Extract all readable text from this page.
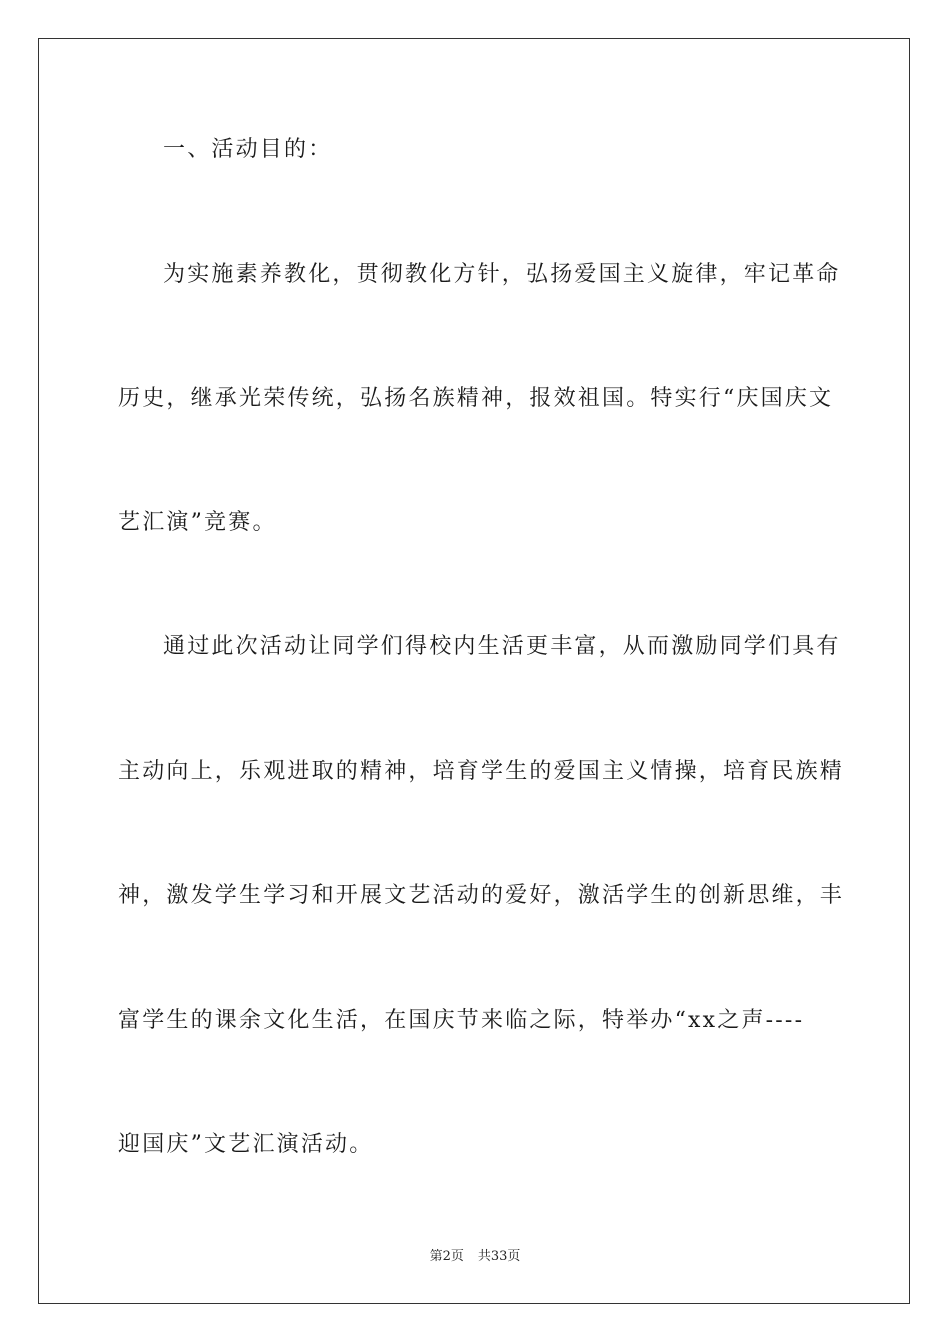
一、活动目的：
为实施素养教化，贯彻教化方针，弘扬爱国主义旋律，牢记革命
历史，继承光荣传统，弘扬名族精神，报效祖国。特实行“庆国庆文
艺汇演”竞赛。
通过此次活动让同学们得校内生活更丰富，从而激励同学们具有
主动向上，乐观进取的精神，培育学生的爱国主义情操，培育民族精
神，激发学生学习和开展文艺活动的爱好，激活学生的创新思维，丰
富学生的课余文化生活，在国庆节来临之际，特举办“xx之声----
迎国庆”文艺汇演活动。
第2页 共33页
